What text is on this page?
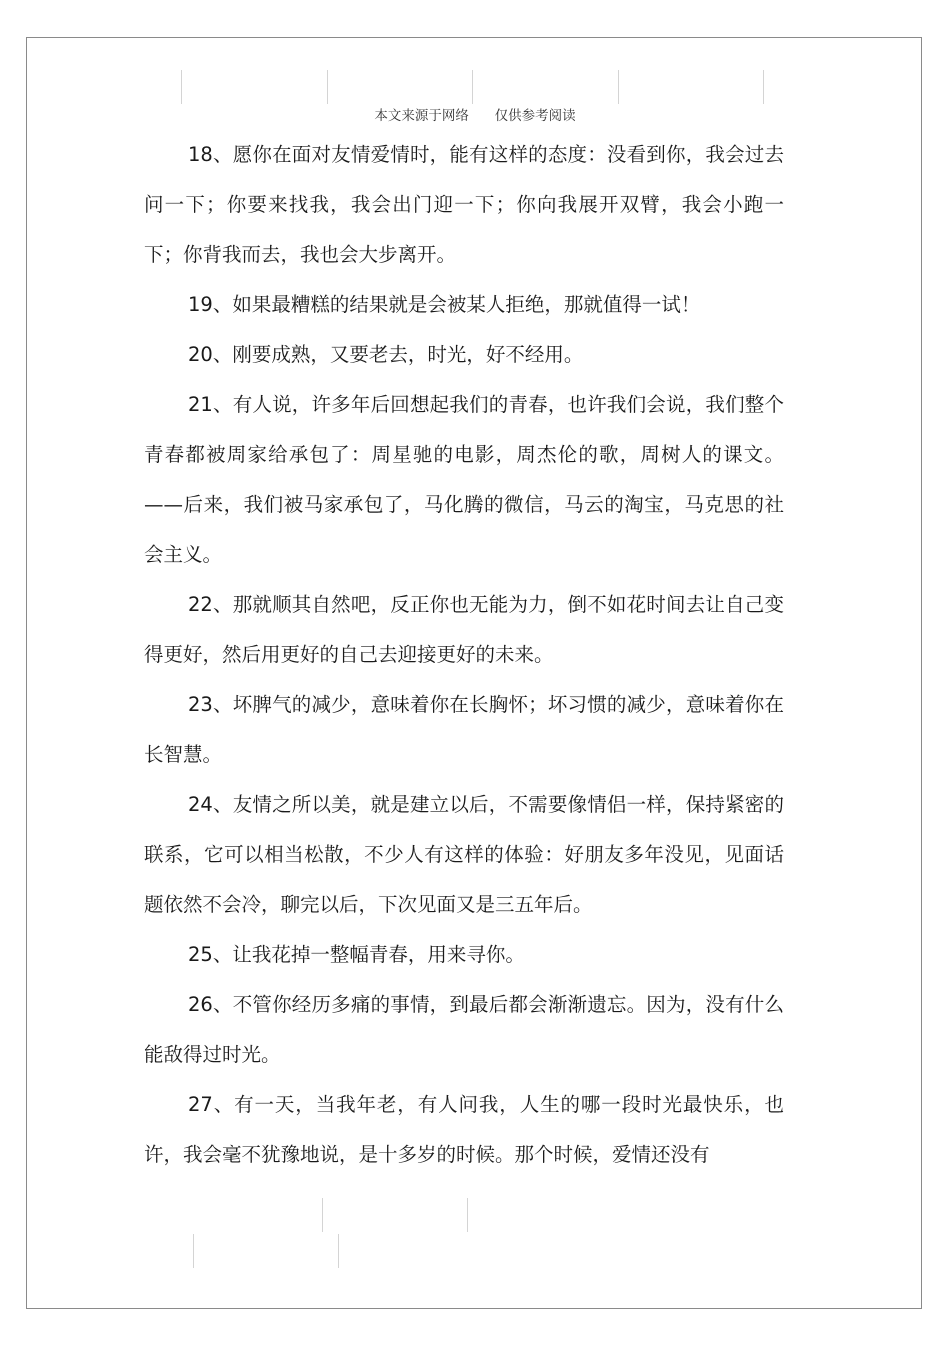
本文来源于网络      仅供参考阅读

18、愿你在面对友情爱情时，能有这样的态度：没看到你，我会过去问一下；你要来找我，我会出门迎一下；你向我展开双臂，我会小跑一下；你背我而去，我也会大步离开。

19、如果最糟糕的结果就是会被某人拒绝，那就值得一试！

20、刚要成熟，又要老去，时光，好不经用。

21、有人说，许多年后回想起我们的青春，也许我们会说，我们整个青春都被周家给承包了：周星驰的电影，周杰伦的歌，周树人的课文。——后来，我们被马家承包了，马化腾的微信，马云的淘宝，马克思的社会主义。

22、那就顺其自然吧，反正你也无能为力，倒不如花时间去让自己变得更好，然后用更好的自己去迎接更好的未来。

23、坏脾气的减少，意味着你在长胸怀；坏习惯的减少，意味着你在长智慧。

24、友情之所以美，就是建立以后，不需要像情侣一样，保持紧密的联系，它可以相当松散，不少人有这样的体验：好朋友多年没见，见面话题依然不会冷，聊完以后，下次见面又是三五年后。

25、让我花掉一整幅青春，用来寻你。

26、不管你经历多痛的事情，到最后都会渐渐遗忘。因为，没有什么能敌得过时光。

27、有一天，当我年老，有人问我，人生的哪一段时光最快乐，也许，我会毫不犹豫地说，是十多岁的时候。那个时候，爱情还没有
